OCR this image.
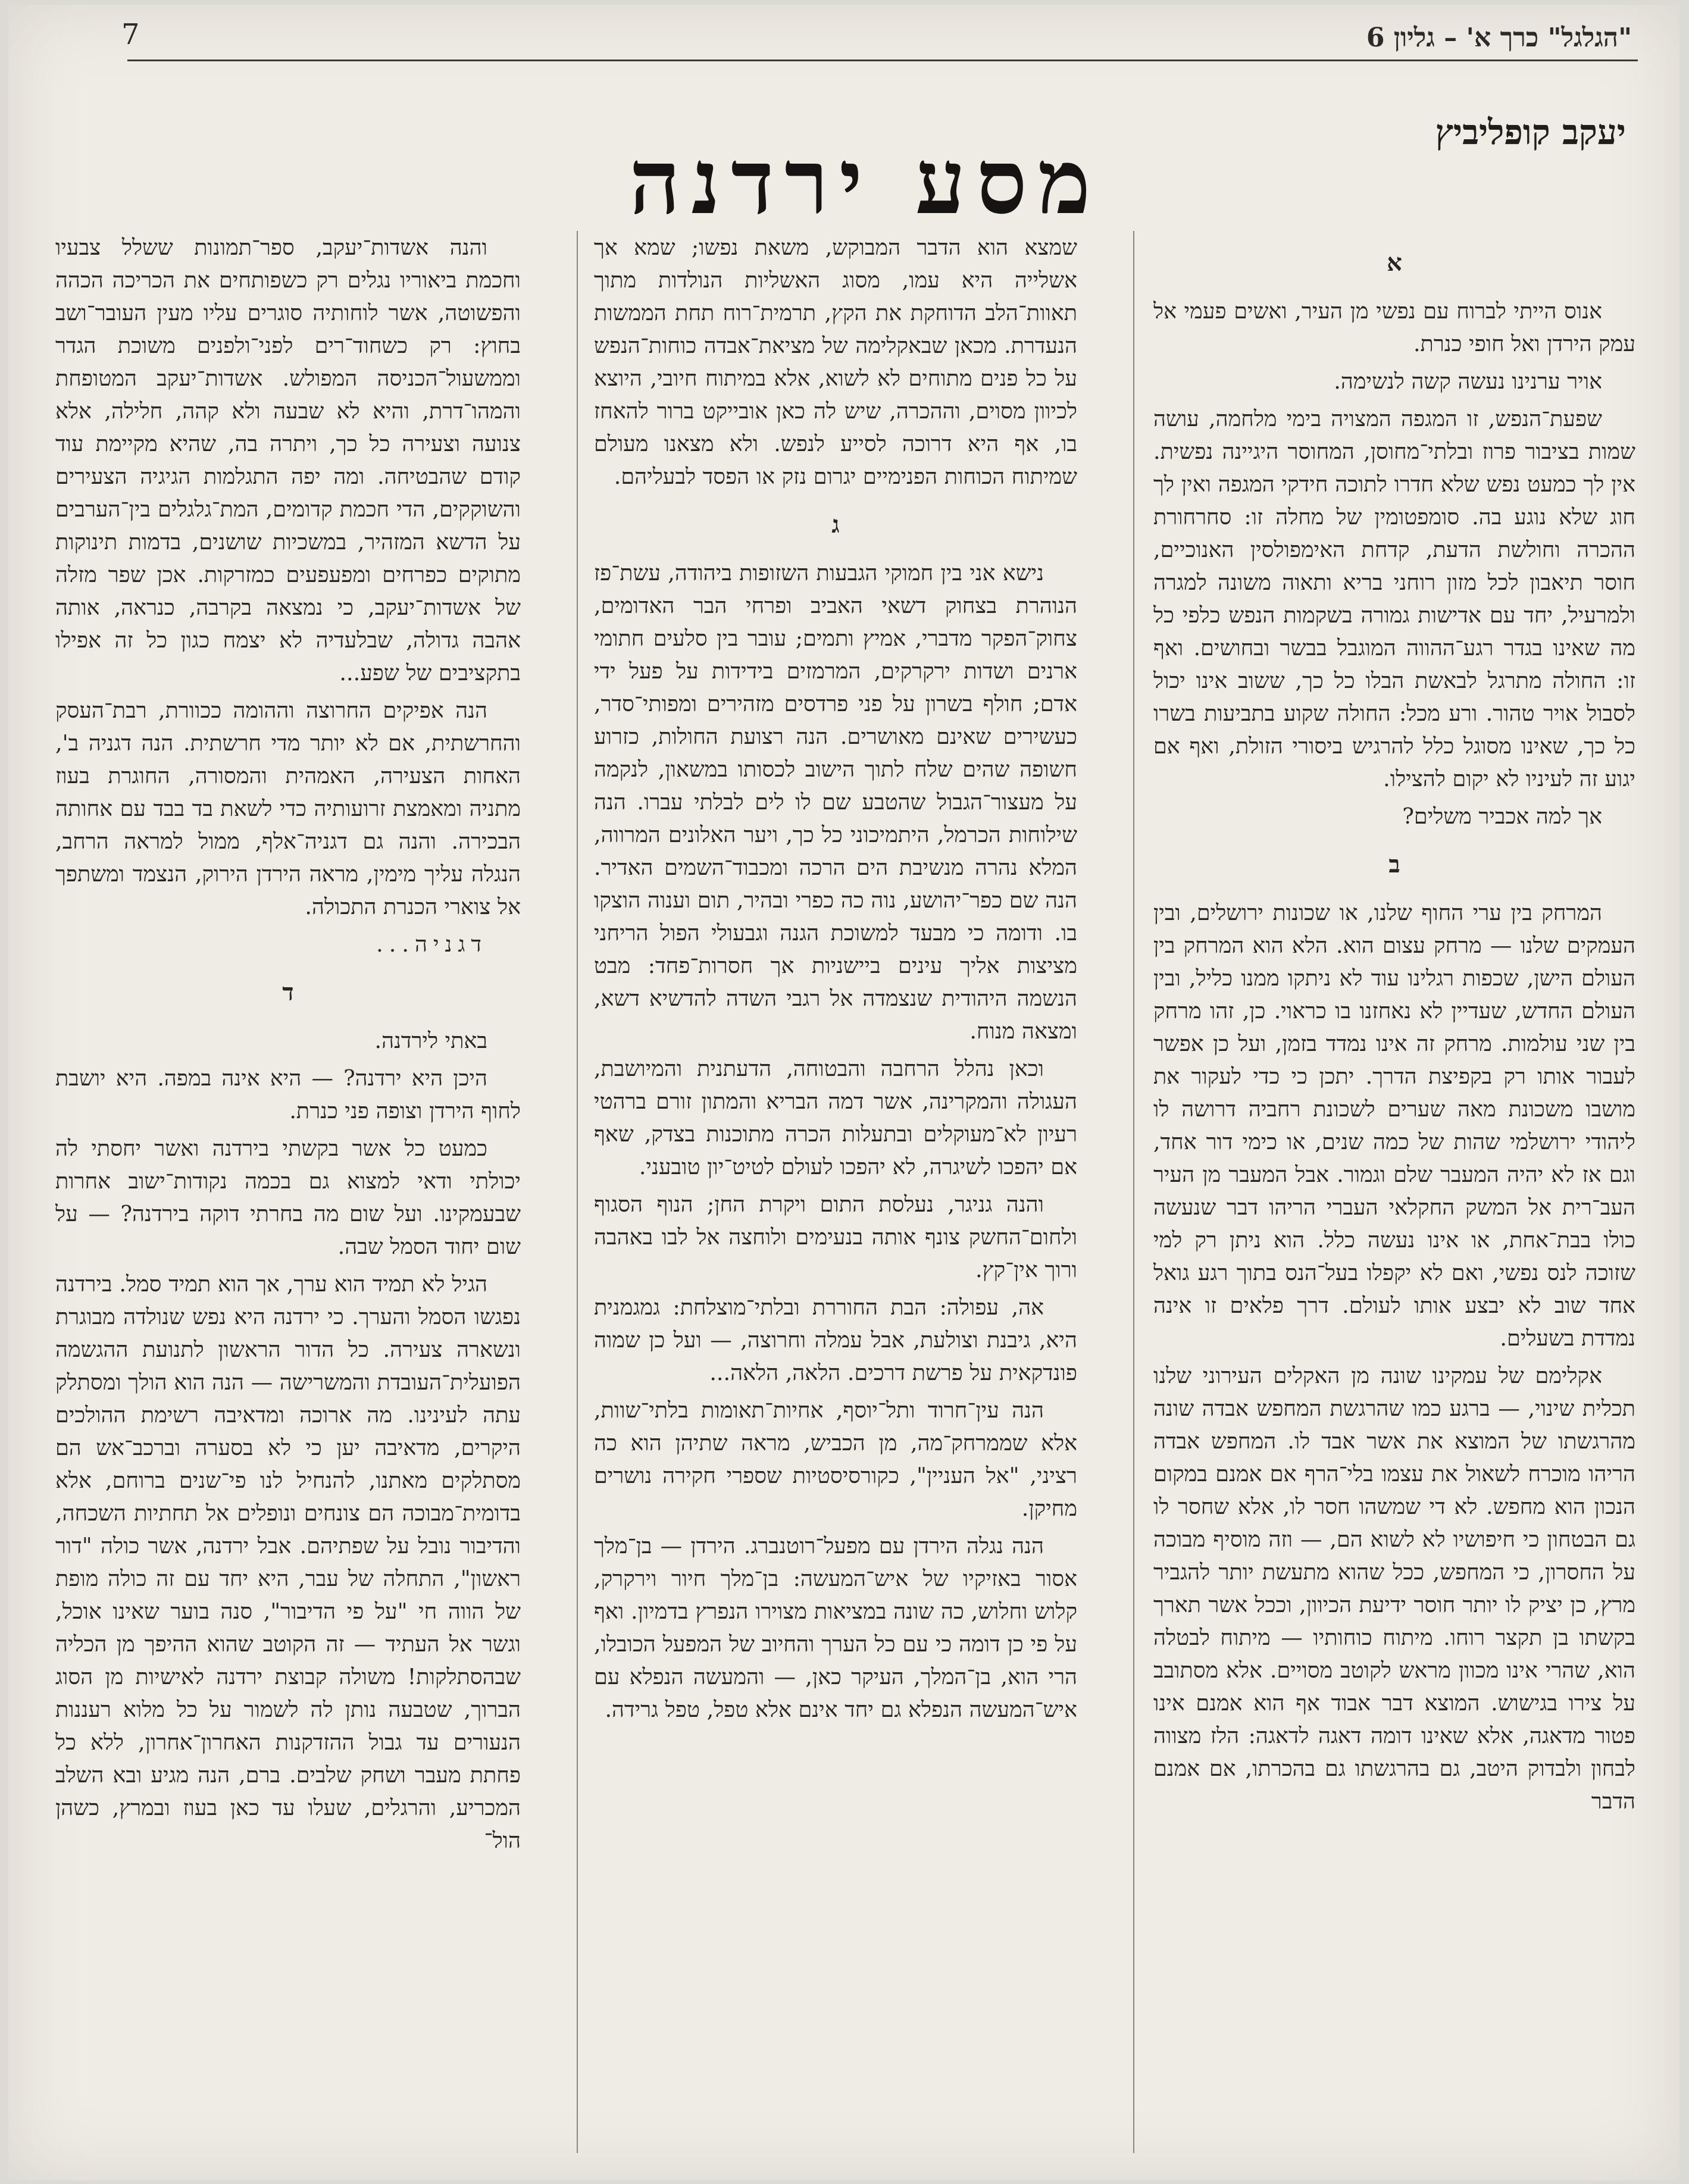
7	"הגלגל" כרך א' – גליון 6
יעקב קופליביץ
מסע ירדנה
א

אנוס הייתי לברוח עם נפשי מן העיר, ואשים פעמי אל עמק הירדן ואל חופי כנרת.

אויר ערנינו נעשה קשה לנשימה.

שפעת־הנפש, זו המגפה המצויה בימי מלחמה, עושה שמות בציבור פרוז ובלתי־מחוסן, המחוסר היגיינה נפשית. אין לך כמעט נפש שלא חדרו לתוכה חידקי המגפה ואין לך חוג שלא נוגע בה. סומפטומין של מחלה זו: סחרחורת ההכרה וחולשת הדעת, קדחת האימפולסין האנוכיים, חוסר תיאבון לכל מזון רוחני בריא ותאוה משונה למגרה ולמרעיל, יחד עם אדישות גמורה בשקמות הנפש כלפי כל מה שאינו בגדר רגע־ההווה המוגבל בבשר ובחושים. ואף זו: החולה מתרגל לבאשת הבלו כל כך, ששוב אינו יכול לסבול אויר טהור. ורע מכל: החולה שקוע בתביעות בשרו כל כך, שאינו מסוגל כלל להרגיש ביסורי הזולת, ואף אם יגוע זה לעיניו לא יקום להצילו.

אך למה אכביר משלים?

ב

המרחק בין ערי החוף שלנו, או שכונות ירושלים, ובין העמקים שלנו — מרחק עצום הוא. הלא הוא המרחק בין העולם הישן, שכפות רגלינו עוד לא ניתקו ממנו כליל, ובין העולם החדש, שעדיין לא נאחזנו בו כראוי. כן, זהו מרחק בין שני עולמות. מרחק זה אינו נמדד בזמן, ועל כן אפשר לעבור אותו רק בקפיצת הדרך. יתכן כי כדי לעקור את מושבו משכונת מאה שערים לשכונת רחביה דרושה לו ליהודי ירושלמי שהות של כמה שנים, או כימי דור אחד, וגם אז לא יהיה המעבר שלם וגמור. אבל המעבר מן העיר העב־רית אל המשק החקלאי העברי הריהו דבר שנעשה כולו בבת־אחת, או אינו נעשה כלל. הוא ניתן רק למי שזוכה לנס נפשי, ואם לא יקפלו בעל־הנס בתוך רגע גואל אחד שוב לא יבצע אותו לעולם. דרך פלאים זו אינה נמדדת בשעלים.

אקלימם של עמקינו שונה מן האקלים העירוני שלנו תכלית שינוי, — ברגע כמו שהרגשת המחפש אבדה שונה מהרגשתו של המוצא את אשר אבד לו. המחפש אבדה הריהו מוכרח לשאול את עצמו בלי־הרף אם אמנם במקום הנכון הוא מחפש. לא די שמשהו חסר לו, אלא שחסר לו גם הבטחון כי חיפושיו לא לשוא הם, — וזה מוסיף מבוכה על החסרון, כי המחפש, ככל שהוא מתעשת יותר להגביר מרץ, כן יציק לו יותר חוסר ידיעת הכיוון, וככל אשר תארך בקשתו בן תקצר רוחו. מיתוח כוחותיו — מיתוח לבטלה הוא, שהרי אינו מכוון מראש לקוטב מסויים. אלא מסתובב על צירו בגישוש. המוצא דבר אבוד אף הוא אמנם אינו פטור מדאגה, אלא שאינו דומה דאגה לדאגה: הלז מצווה לבחון ולבדוק היטב, גם בהרגשתו גם בהכרתו, אם אמנם הדבר

שמצא הוא הדבר המבוקש, משאת נפשו; שמא אך אשלייה היא עמו, מסוג האשליות הנולדות מתוך תאוות־הלב הדוחקת את הקץ, תרמית־רוח תחת הממשות הנעדרת. מכאן שבאקלימה של מציאת־אבדה כוחות־הנפש על כל פנים מתוחים לא לשוא, אלא במיתוח חיובי, היוצא לכיוון מסוים, וההכרה, שיש לה כאן אובייקט ברור להאחז בו, אף היא דרוכה לסייע לנפש. ולא מצאנו מעולם שמיתוח הכוחות הפנימיים יגרום נזק או הפסד לבעליהם.

ג

נישא אני בין חמוקי הגבעות השזופות ביהודה, עשת־פז הנוהרת בצחוק דשאי האביב ופרחי הבר האדומים, צחוק־הפקר מדברי, אמיץ ותמים; עובר בין סלעים חתומי ארנים ושדות ירקרקים, המרמזים בידידות על פעל ידי אדם; חולף בשרון על פני פרדסים מזהירים ומפותי־סדר, כעשירים שאינם מאושרים. הנה רצועת החולות, כזרוע חשופה שהים שלח לתוך הישוב לכסותו במשאון, לנקמה על מעצור־הגבול שהטבע שם לו לים לבלתי עברו. הנה שילוחות הכרמל, היתמיכוני כל כך, ויער האלונים המרווה, המלא נהרה מנשיבת הים הרכה ומכבוד־השמים האדיר. הנה שם כפר־יהושע, נוה כה כפרי ובהיר, תום וענוה הוצקו בו. ודומה כי מבעד למשוכת הגנה וגבעולי הפול הריחני מציצות אליך עינים ביישניות אך חסרות־פחד: מבט הנשמה היהודית שנצמדה אל רגבי השדה להדשיא דשא, ומצאה מנוח.

וכאן נהלל הרחבה והבטוחה, הדעתנית והמיושבת, העגולה והמקרינה, אשר דמה הבריא והמתון זורם ברהטי רעיון לא־מעוקלים ובתעלות הכרה מתוכנות בצדק, שאף אם יהפכו לשיגרה, לא יהפכו לעולם לטיט־יון טובעני.

והנה גניגר, נעלסת התום ויקרת החן; הנוף הסגוף ולחום־החשק צונף אותה בנעימים ולוחצה אל לבו באהבה ורוך אין־קץ.

אה, עפולה: הבת החוררת ובלתי־מוצלחת: גמגמנית היא, גיבנת וצולעת, אבל עמלה וחרוצה, — ועל כן שמוה פונדקאית על פרשת דרכים. הלאה, הלאה...

הנה עין־חרוד ותל־יוסף, אחיות־תאומות בלתי־שוות, אלא שממרחק־מה, מן הכביש, מראה שתיהן הוא כה רציני, "אל העניין", כקורסיסטיות שספרי חקירה נושרים מחיקן.

הנה נגלה הירדן עם מפעל־רוטנברג. הירדן — בן־מלך אסור באזיקיו של איש־המעשה: בן־מלך חיור וירקרק, קלוש וחלוש, כה שונה במציאות מצוירו הנפרץ בדמיון. ואף על פי כן דומה כי עם כל הערך והחיוב של המפעל הכובלו, הרי הוא, בן־המלך, העיקר כאן, — והמעשה הנפלא עם איש־המעשה הנפלא גם יחד אינם אלא טפל, טפל גרידה.

והנה אשדות־יעקב, ספר־תמונות ששלל צבעיו וחכמת ביאוריו נגלים רק כשפותחים את הכריכה הכהה והפשוטה, אשר לוחותיה סוגרים עליו מעין העובר־ושב בחוץ: רק כשחוד־רים לפני־ולפנים משוכת הגדר וממשעול־הכניסה המפולש. אשדות־יעקב המטופחת והמהו־דרת, והיא לא שבעה ולא קהה, חלילה, אלא צנועה וצעירה כל כך, ויתרה בה, שהיא מקיימת עוד קודם שהבטיחה. ומה יפה התגלמות הגיגיה הצעירים והשוקקים, הדי חכמת קדומים, המת־גלגלים בין־הערבים על הדשא המזהיר, במשכיות שושנים, בדמות תינוקות מתוקים כפרחים ומפעפעים כמזרקות. אכן שפר מזלה של אשדות־יעקב, כי נמצאה בקרבה, כנראה, אותה אהבה גדולה, שבלעדיה לא יצמח כגון כל זה אפילו בתקציבים של שפע...

הנה אפיקים החרוצה וההומה ככוורת, רבת־העסק והחרשתית, אם לא יותר מדי חרשתית. הנה דגניה ב', האחות הצעירה, האמהית והמסורה, החוגרת בעוז מתניה ומאמצת זרועותיה כדי לשאת בד בבד עם אחותה הבכירה. והנה גם דגניה־אלף, ממול למראה הרחב, הנגלה עליך מימין, מראה הירדן הירוק, הנצמד ומשתפך אל צוארי הכנרת התכולה.

דגניה...

ד

באתי לירדנה.

היכן היא ירדנה? — היא אינה במפה. היא יושבת לחוף הירדן וצופה פני כנרת.

כמעט כל אשר בקשתי בירדנה ואשר יחסתי לה יכולתי ודאי למצוא גם בכמה נקודות־ישוב אחרות שבעמקינו. ועל שום מה בחרתי דוקה בירדנה? — על שום יחוד הסמל שבה.

הגיל לא תמיד הוא ערך, אך הוא תמיד סמל. בירדנה נפגשו הסמל והערך. כי ירדנה היא נפש שנולדה מבוגרת ונשארה צעירה. כל הדור הראשון לתנועת ההגשמה הפועלית־העובדת והמשרישה — הנה הוא הולך ומסתלק עתה לעינינו. מה ארוכה ומדאיבה רשימת ההולכים היקרים, מדאיבה יען כי לא בסערה וברכב־אש הם מסתלקים מאתנו, להנחיל לנו פי־שנים ברוחם, אלא בדומית־מבוכה הם צונחים ונופלים אל תחתיות השכחה, והדיבור נובל על שפתיהם. אבל ירדנה, אשר כולה "דור ראשון", התחלה של עבר, היא יחד עם זה כולה מופת של הווה חי "על פי הדיבור", סנה בוער שאינו אוכל, וגשר אל העתיד — זה הקוטב שהוא ההיפך מן הכליה שבהסתלקות! משולה קבוצת ירדנה לאישיות מן הסוג הברוך, שטבעה נותן לה לשמור על כל מלוא רעננות הנעורים עד גבול ההזדקנות האחרון־אחרון, ללא כל פחתת מעבר ושחק שלבים. ברם, הנה מגיע ובא השלב המכריע, והרגלים, שעלו עד כאן בעוז ובמרץ, כשהן הול־
